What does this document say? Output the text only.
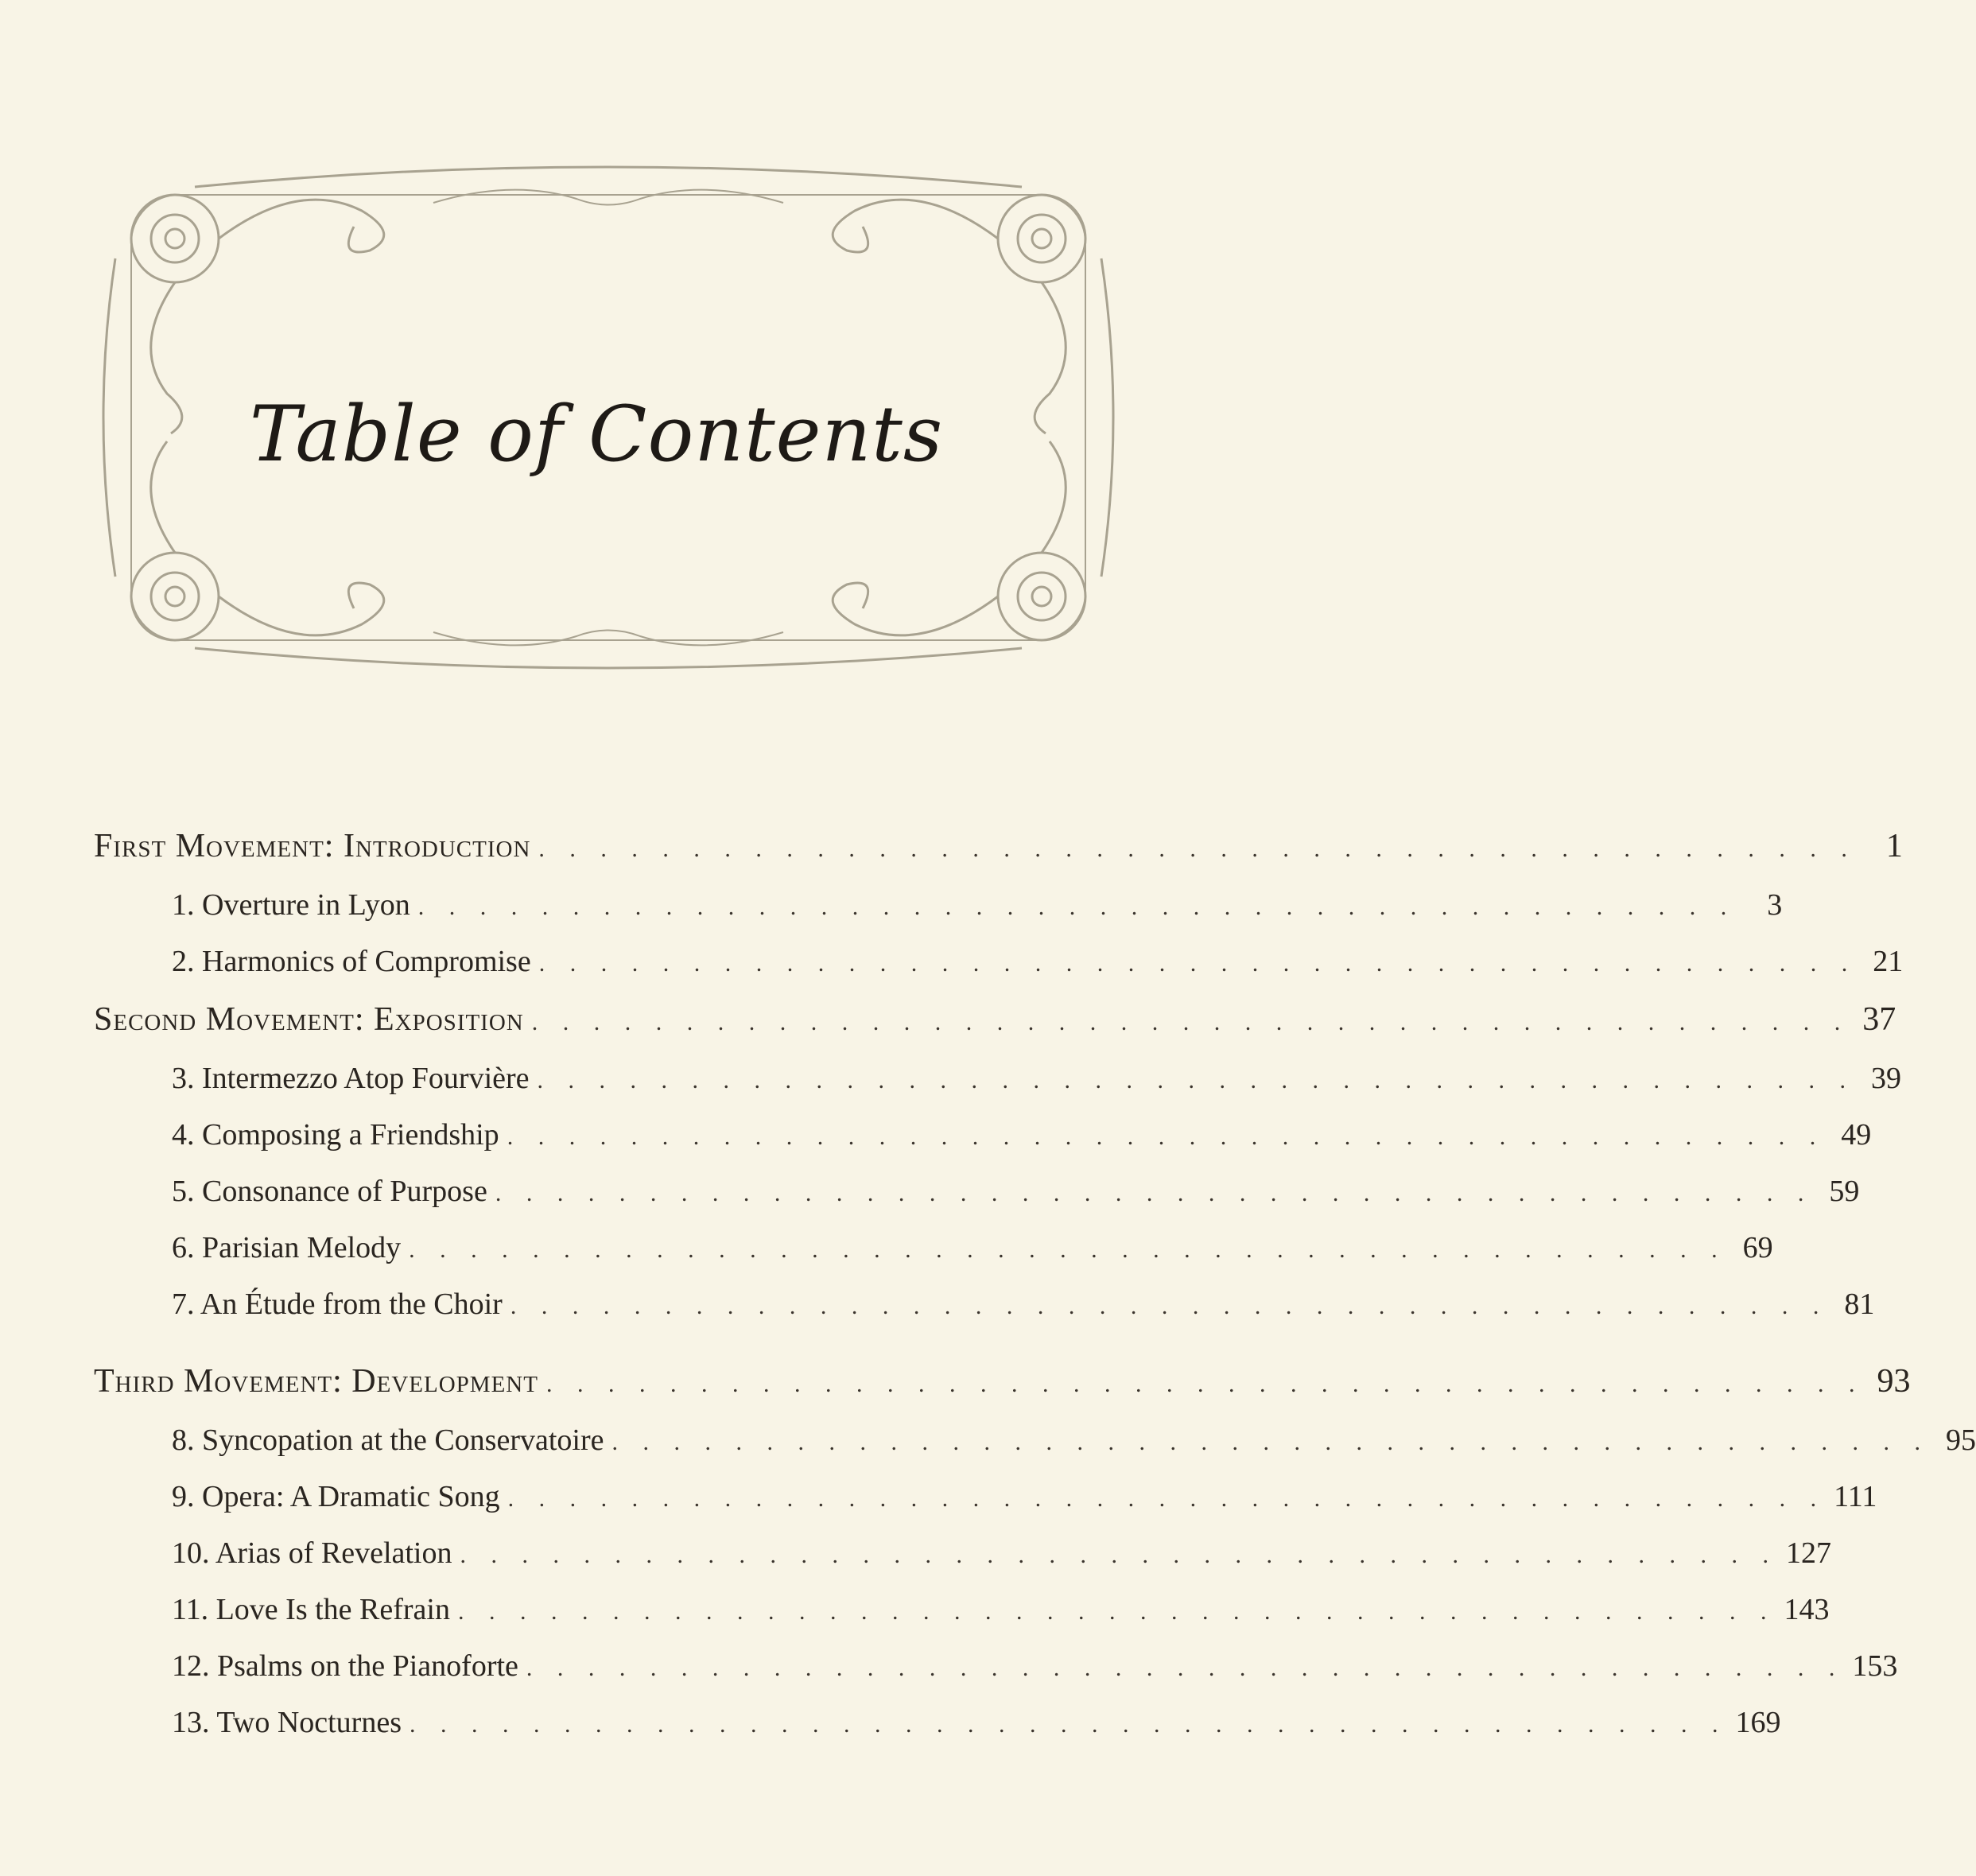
Table of Contents
First Movement: Introduction . . . . . . . . . . . . . . . . . . . . . . . . . . . . . . . . . . . . . . . . . . . 1
1. Overture in Lyon . . . . . . . . . . . . . . . . . . . . . . . . . . . . . . . . . . . . . . . . . . .	3
2. Harmonics of Compromise . . . . . . . . . . . . . . . . . . . . . . . . . . . . . . . . . . . . . . . . . . . 21
Second Movement: Exposition . . . . . . . . . . . . . . . . . . . . . . . . . . . . . . . . . . . . . . . . . . . 37
3. Intermezzo Atop Fourvière . . . . . . . . . . . . . . . . . . . . . . . . . . . . . . . . . . . . . . . . . . . 39
4. Composing a Friendship . . . . . . . . . . . . . . . . . . . . . . . . . . . . . . . . . . . . . . . . . . . 49
5. Consonance of Purpose . . . . . . . . . . . . . . . . . . . . . . . . . . . . . . . . . . . . . . . . . . . 59
6. Parisian Melody . . . . . . . . . . . . . . . . . . . . . . . . . . . . . . . . . . . . . . . . . . . 69
7. An Étude from the Choir . . . . . . . . . . . . . . . . . . . . . . . . . . . . . . . . . . . . . . . . . . . 81
Third Movement: Development . . . . . . . . . . . . . . . . . . . . . . . . . . . . . . . . . . . . . . . . . . . 93
8. Syncopation at the Conservatoire . . . . . . . . . . . . . . . . . . . . . . . . . . . . . . . . . . . . . . . . . . . 95
9. Opera: A Dramatic Song . . . . . . . . . . . . . . . . . . . . . . . . . . . . . . . . . . . . . . . . . . . 111
10. Arias of Revelation . . . . . . . . . . . . . . . . . . . . . . . . . . . . . . . . . . . . . . . . . . . 127
11. Love Is the Refrain . . . . . . . . . . . . . . . . . . . . . . . . . . . . . . . . . . . . . . . . . . . 143
12. Psalms on the Pianoforte . . . . . . . . . . . . . . . . . . . . . . . . . . . . . . . . . . . . . . . . . . . 153
13. Two Nocturnes . . . . . . . . . . . . . . . . . . . . . . . . . . . . . . . . . . . . . . . . . . . 169
